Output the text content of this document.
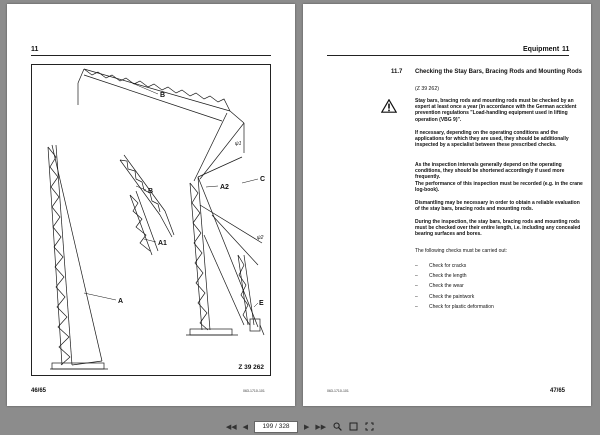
11
B
B
A1
A
A2
C
E
ψ1
ψ2
Z 39 262
46/65	063-1710-101
Equipment 11
11.7 Checking the Stay Bars, Bracing Rods and Mounting Rods
(Z 39 262)

Stay bars, bracing rods and mounting rods must be checked by an expert at least once a year (in accordance with the German accident prevention regulations "Load-handling equipment used in lifting operation (VBG 9)".

If necessary, depending on the operating conditions and the applications for which they are used, they should be additionally inspected by a specialist between these prescribed checks.

As the inspection intervals generally depend on the operating conditions, they should be shortened accordingly if used more frequently.

The performance of this inspection must be recorded (e.g. in the crane log-book).

Dismantling may be necessary in order to obtain a reliable evaluation of the stay bars, bracing rods and mounting rods.

During the inspection, the stay bars, bracing rods and mounting rods must be checked over their entire length, i.e. including any concealed bearing surfaces and bores.

The following checks must be carried out:

– Check for cracks
– Check the length
– Check the wear
– Check the paintwork
– Check for plastic deformation
063-1710-101	47/65
◀◀ ◀	199 / 328	▶ ▶▶
